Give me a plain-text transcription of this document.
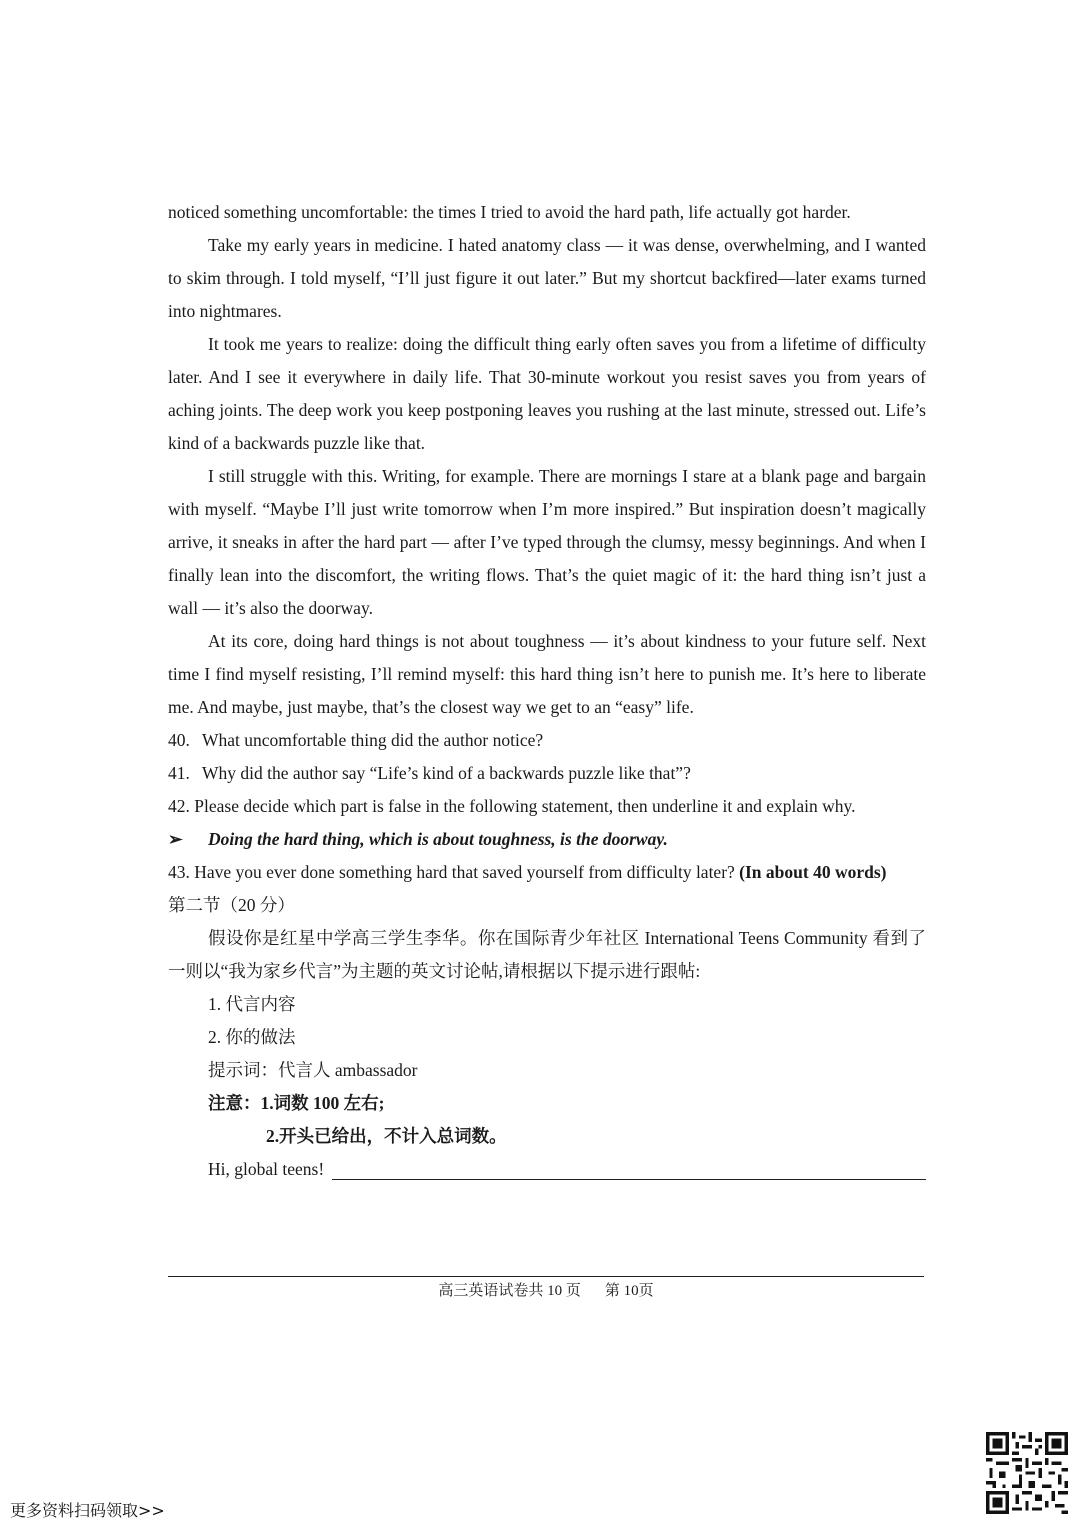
noticed something uncomfortable: the times I tried to avoid the hard path, life actually got harder.

Take my early years in medicine. I hated anatomy class — it was dense, overwhelming, and I wanted to skim through. I told myself, “I’ll just figure it out later.” But my shortcut backfired—later exams turned into nightmares.

It took me years to realize: doing the difficult thing early often saves you from a lifetime of difficulty later. And I see it everywhere in daily life. That 30-minute workout you resist saves you from years of aching joints. The deep work you keep postponing leaves you rushing at the last minute, stressed out. Life’s kind of a backwards puzzle like that.

I still struggle with this. Writing, for example. There are mornings I stare at a blank page and bargain with myself. “Maybe I’ll just write tomorrow when I’m more inspired.” But inspiration doesn’t magically arrive, it sneaks in after the hard part — after I’ve typed through the clumsy, messy beginnings. And when I finally lean into the discomfort, the writing flows. That’s the quiet magic of it: the hard thing isn’t just a wall — it’s also the doorway.

At its core, doing hard things is not about toughness — it’s about kindness to your future self. Next time I find myself resisting, I’ll remind myself: this hard thing isn’t here to punish me. It’s here to liberate me. And maybe, just maybe, that’s the closest way we get to an “easy” life.

40. What uncomfortable thing did the author notice?

41. Why did the author say “Life’s kind of a backwards puzzle like that”?

42. Please decide which part is false in the following statement, then underline it and explain why.

➢	Doing the hard thing, which is about toughness, is the doorway.

43. Have you ever done something hard that saved yourself from difficulty later? (In about 40 words)

第二节（20 分）

假设你是红星中学高三学生李华。你在国际青少年社区 International Teens Community 看到了一则以“我为家乡代言”为主题的英文讨论帖,请根据以下提示进行跟帖:

1. 代言内容

2. 你的做法

提示词：代言人 ambassador

注意： 1.词数 100 左右;

2.开头已给出，不计入总词数。

Hi, global teens!

高三英语试卷共 10 页 第 10页
更多资料扫码领取>>
